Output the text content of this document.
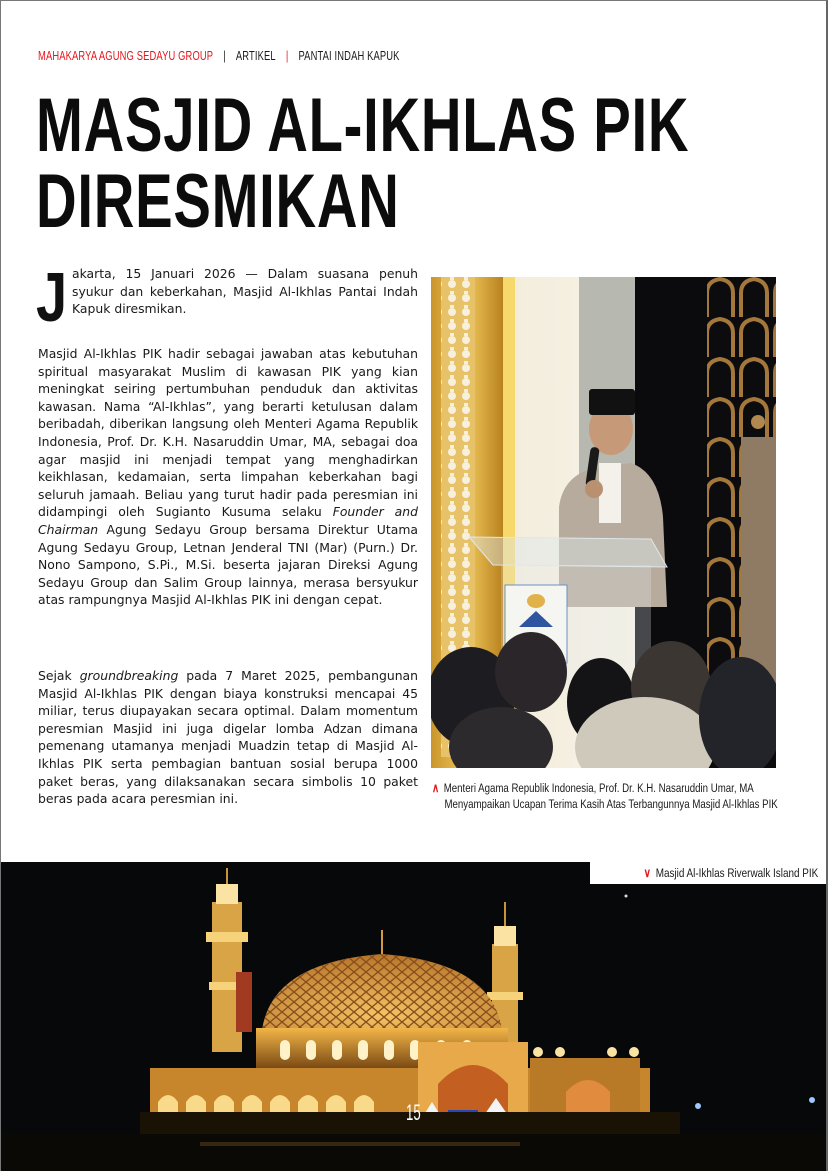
MAHAKARYA AGUNG SEDAYU GROUP | ARTIKEL | PANTAI INDAH KAPUK
MASJID AL-IKHLAS PIK
DIRESMIKAN
J akarta, 15 Januari 2026 — Dalam suasana penuh syukur dan keberkahan, Masjid Al-Ikhlas Pantai Indah Kapuk diresmikan.

Masjid Al-Ikhlas PIK hadir sebagai jawaban atas kebutuhan spiritual masyarakat Muslim di kawasan PIK yang kian meningkat seiring pertumbuhan penduduk dan aktivitas kawasan. Nama “Al-Ikhlas”, yang berarti ketulusan dalam beribadah, diberikan langsung oleh Menteri Agama Republik Indonesia, Prof. Dr. K.H. Nasaruddin Umar, MA, sebagai doa agar masjid ini menjadi tempat yang menghadirkan keikhlasan, kedamaian, serta limpahan keberkahan bagi seluruh jamaah. Beliau yang turut hadir pada peresmian ini didampingi oleh Sugianto Kusuma selaku Founder and Chairman Agung Sedayu Group bersama Direktur Utama Agung Sedayu Group, Letnan Jenderal TNI (Mar) (Purn.) Dr. Nono Sampono, S.Pi., M.Si. beserta jajaran Direksi Agung Sedayu Group dan Salim Group lainnya, merasa bersyukur atas rampungnya Masjid Al-Ikhlas PIK ini dengan cepat.

Sejak groundbreaking pada 7 Maret 2025, pembangunan Masjid Al-Ikhlas PIK dengan biaya konstruksi mencapai 45 miliar, terus diupayakan secara optimal. Dalam momentum peresmian Masjid ini juga digelar lomba Adzan dimana pemenang utamanya menjadi Muadzin tetap di Masjid Al-Ikhlas PIK serta pembagian bantuan sosial berupa 1000 paket beras, yang dilaksanakan secara simbolis 10 paket beras pada acara peresmian ini.

∧ Menteri Agama Republik Indonesia, Prof. Dr. K.H. Nasaruddin Umar, MA
Menyampaikan Ucapan Terima Kasih Atas Terbangunnya Masjid Al-Ikhlas PIK
∨ Masjid Al-Ikhlas Riverwalk Island PIK
15
